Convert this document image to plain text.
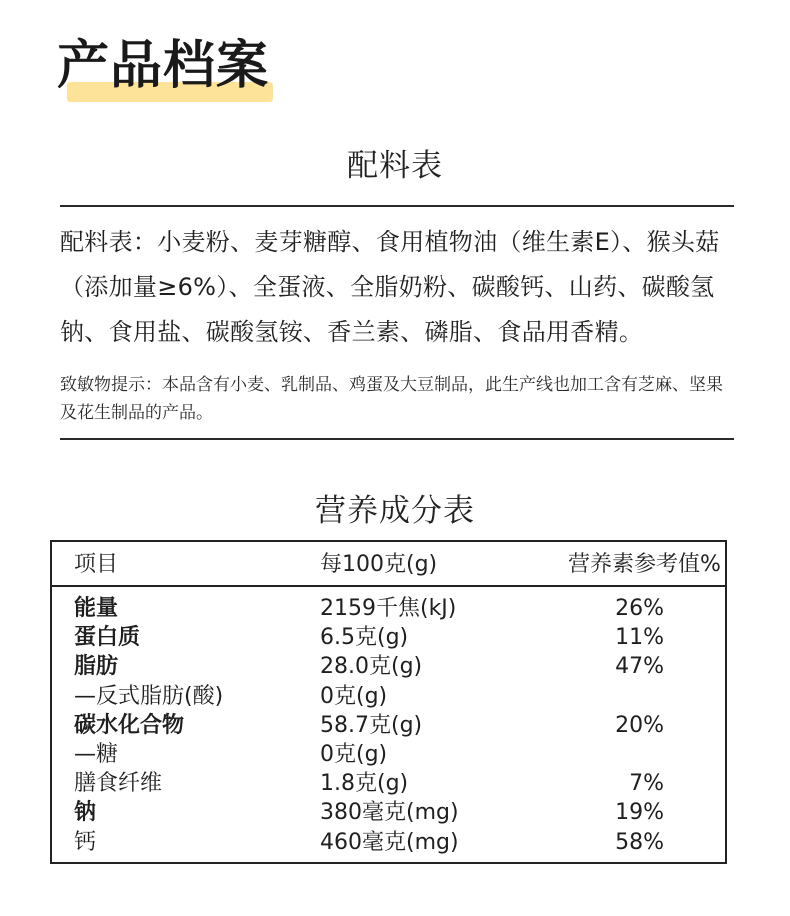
产品档案
配料表

配料表：小麦粉、麦芽糖醇、食用植物油（维生素E）、猴头菇（添加量≥6%）、全蛋液、全脂奶粉、碳酸钙、山药、碳酸氢钠、食用盐、碳酸氢铵、香兰素、磷脂、食品用香精。

致敏物提示：本品含有小麦、乳制品、鸡蛋及大豆制品，此生产线也加工含有芝麻、坚果及花生制品的产品。

营养成分表
项目	每100克(g)	营养素参考值%
能量	2159千焦(kJ)	26%
蛋白质	6.5克(g)	11%
脂肪	28.0克(g)	47%
—反式脂肪(酸)	0克(g)
碳水化合物	58.7克(g)	20%
—糖	0克(g)
膳食纤维	1.8克(g)	7%
钠	380毫克(mg)	19%
钙	460毫克(mg)	58%
